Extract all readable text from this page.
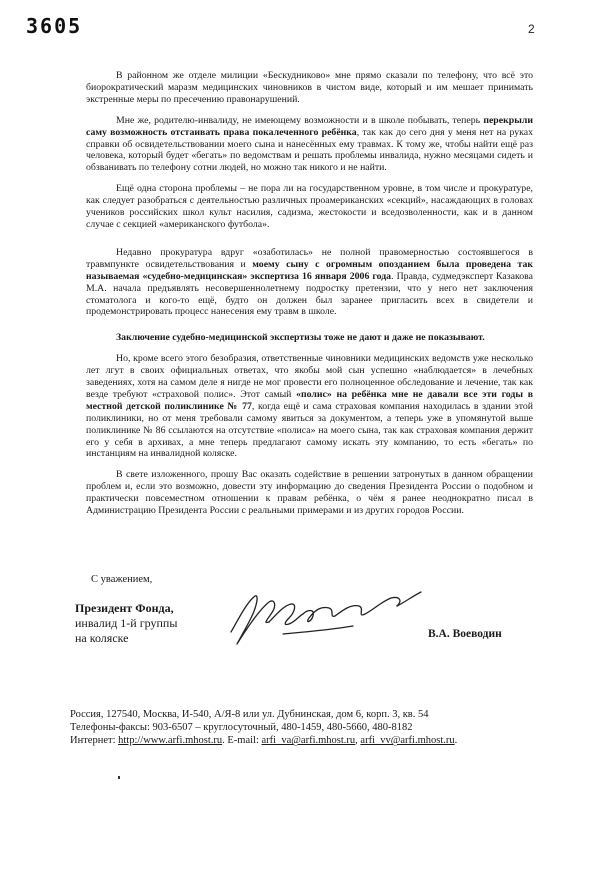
3605	2

В районном же отделе милиции «Бескудниково» мне прямо сказали по телефону, что всё это биорократический маразм медицинских чиновников в чистом виде, который и им мешает принимать экстренные меры по пресечению правонарушений.

Мне же, родителю-инвалиду, не имеющему возможности и в школе побывать, теперь перекрыли саму возможность отстаивать права покалеченного ребёнка, так как до сего дня у меня нет на руках справки об освидетельствовании моего сына и нанесённых ему травмах. К тому же, чтобы найти ещё раз человека, который будет «бегать» по ведомствам и решать проблемы инвалида, нужно месяцами сидеть и обзванивать по телефону сотни людей, но можно так никого и не найти.

Ещё одна сторона проблемы – не пора ли на государственном уровне, в том числе и прокуратуре, как следует разобраться с деятельностью различных проамериканских «секций», насаждающих в головах учеников российских школ культ насилия, садизма, жестокости и вседозволенности, как и в данном случае с секцией «американского футбола».

Недавно прокуратура вдруг «озаботилась» не полной правомерностью состоявшегося в травмпункте освидетельствования и моему сыну с огромным опозданием была проведена так называемая «судебно-медицинская» экспертиза 16 января 2006 года. Правда, судмедэксперт Казакова М.А. начала предъявлять несовершеннолетнему подростку претензии, что у него нет заключения стоматолога и кого-то ещё, будто он должен был заранее пригласить всех в свидетели и продемонстрировать процесс нанесения ему травм в школе.

Заключение судебно-медицинской экспертизы тоже не дают и даже не показывают.

Но, кроме всего этого безобразия, ответственные чиновники медицинских ведомств уже несколько лет лгут в своих официальных ответах, что якобы мой сын успешно «наблюдается» в лечебных заведениях, хотя на самом деле я нигде не мог провести его полноценное обследование и лечение, так как везде требуют «страховой полис». Этот самый «полис» на ребёнка мне не давали все эти годы в местной детской поликлинике № 77, когда ещё и сама страховая компания находилась в здании этой поликлиники, но от меня требовали самому явиться за документом, а теперь уже в упомянутой выше поликлинике № 86 ссылаются на отсутствие «полиса» на моего сына, так как страховая компания держит его у себя в архивах, а мне теперь предлагают самому искать эту компанию, то есть «бегать» по инстанциям на инвалидной коляске.

В свете изложенного, прошу Вас оказать содействие в решении затронутых в данном обращении проблем и, если это возможно, довести эту информацию до сведения Президента России о подобном и практически повсеместном отношении к правам ребёнка, о чём я ранее неоднократно писал в Администрацию Президента России с реальными примерами и из других городов России.

С уважением,
Президент Фонда,
инвалид 1-й группы
на коляске	В.А. Воеводин
Россия, 127540, Москва, И-540, А/Я-8 или ул. Дубнинская, дом 6, корп. 3, кв. 54
Телефоны-факсы: 903-6507 – круглосуточный, 480-1459, 480-5660, 480-8182
Интернет: http://www.arfi.mhost.ru. E-mail: arfi_va@arfi.mhost.ru, arfi_vv@arfi.mhost.ru.
